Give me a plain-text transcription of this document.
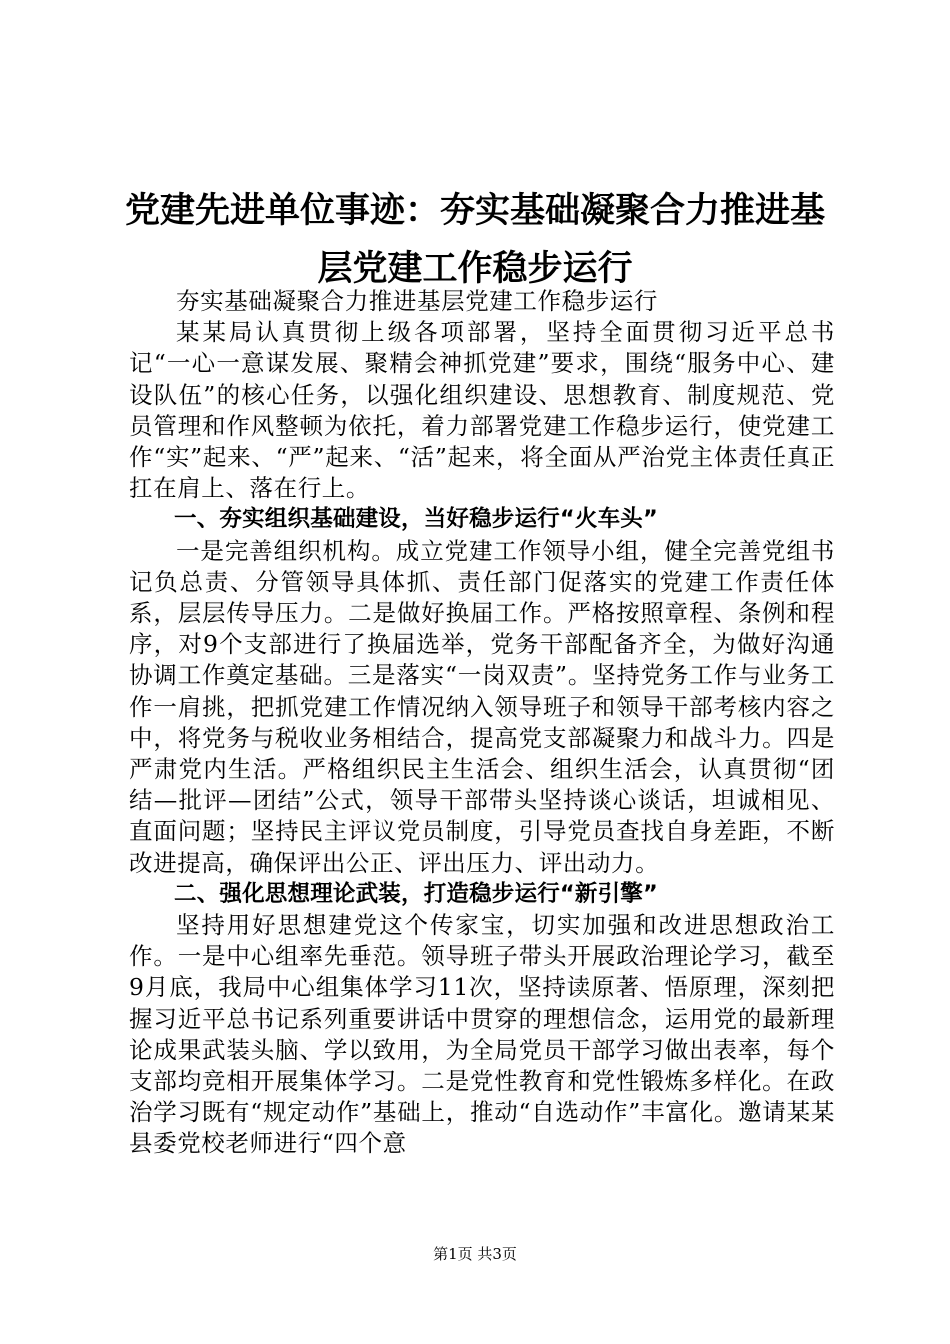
党建先进单位事迹：夯实基础凝聚合力推进基
层党建工作稳步运行

夯实基础凝聚合力推进基层党建工作稳步运行

某某局认真贯彻上级各项部署，坚持全面贯彻习近平总书记“一心一意谋发展、聚精会神抓党建”要求，围绕“服务中心、建设队伍”的核心任务，以强化组织建设、思想教育、制度规范、党员管理和作风整顿为依托，着力部署党建工作稳步运行，使党建工作“实”起来、“严”起来、“活”起来，将全面从严治党主体责任真正扛在肩上、落在行上。

一、夯实组织基础建设，当好稳步运行“火车头”

一是完善组织机构。成立党建工作领导小组，健全完善党组书记负总责、分管领导具体抓、责任部门促落实的党建工作责任体系，层层传导压力。二是做好换届工作。严格按照章程、条例和程序，对9个支部进行了换届选举，党务干部配备齐全，为做好沟通协调工作奠定基础。三是落实“一岗双责”。坚持党务工作与业务工作一肩挑，把抓党建工作情况纳入领导班子和领导干部考核内容之中，将党务与税收业务相结合，提高党支部凝聚力和战斗力。四是严肃党内生活。严格组织民主生活会、组织生活会，认真贯彻“团结—批评—团结”公式，领导干部带头坚持谈心谈话，坦诚相见、直面问题；坚持民主评议党员制度，引导党员查找自身差距，不断改进提高，确保评出公正、评出压力、评出动力。

二、强化思想理论武装，打造稳步运行“新引擎”

坚持用好思想建党这个传家宝，切实加强和改进思想政治工作。一是中心组率先垂范。领导班子带头开展政治理论学习，截至9月底，我局中心组集体学习11次，坚持读原著、悟原理，深刻把握习近平总书记系列重要讲话中贯穿的理想信念，运用党的最新理论成果武装头脑、学以致用，为全局党员干部学习做出表率，每个支部均竞相开展集体学习。二是党性教育和党性锻炼多样化。在政治学习既有“规定动作”基础上，推动“自选动作”丰富化。邀请某某县委党校老师进行“四个意

第1页 共3页
